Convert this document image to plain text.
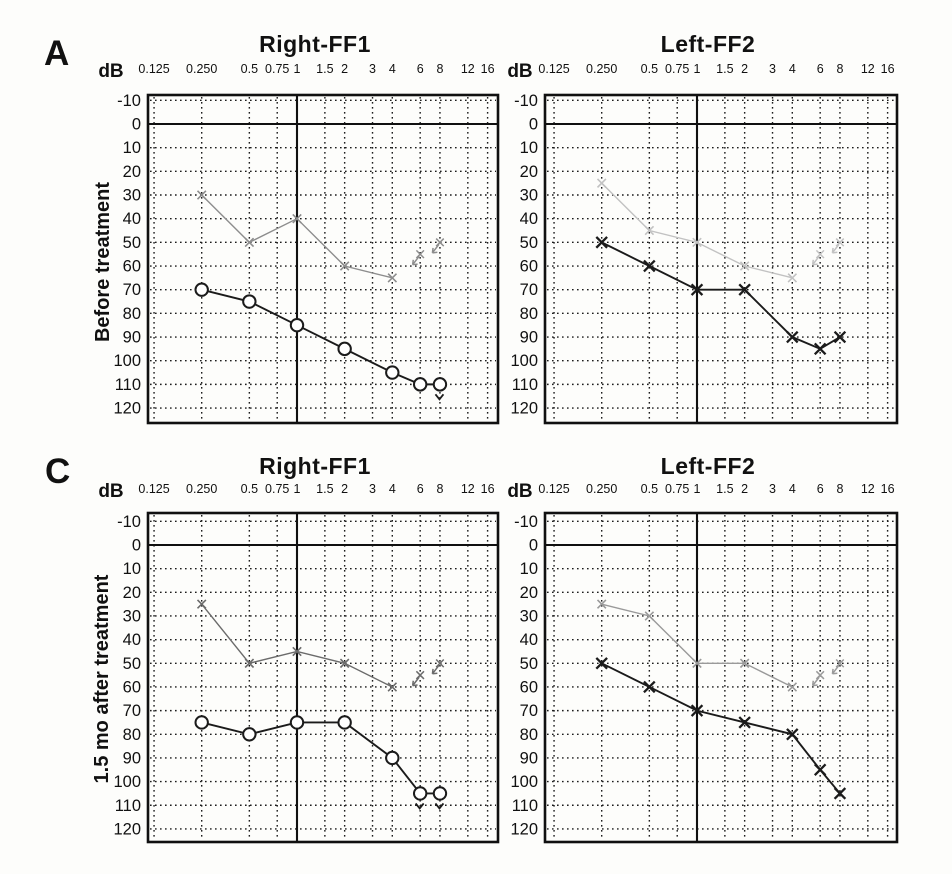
-10
0
10
20
30
40
50
60
70
80
90
100
110
120
0.125 0.250 0.5 0.75 1 1.5 2 3 4 6 8 12 16
-10
0
10
20
30
40
50
60
70
80
90
100
110
120
0.125 0.250 0.5 0.75 1 1.5 2 3 4 6 8 12 16
-10
0
10
20
30
40
50
60
70
80
90
100
110
120
0.125 0.250 0.5 0.75 1 1.5 2 3 4 6 8 12 16
-10
0
10
20
30
40
50
60
70
80
90
100
110
120
0.125 0.250 0.5 0.75 1 1.5 2 3 4 6 8 12 16
A
C
Before treatment
1.5 mo after treatment
Right-FF1	Left-FF2
Right-FF1	Left-FF2
dB	dB
dB	dB
